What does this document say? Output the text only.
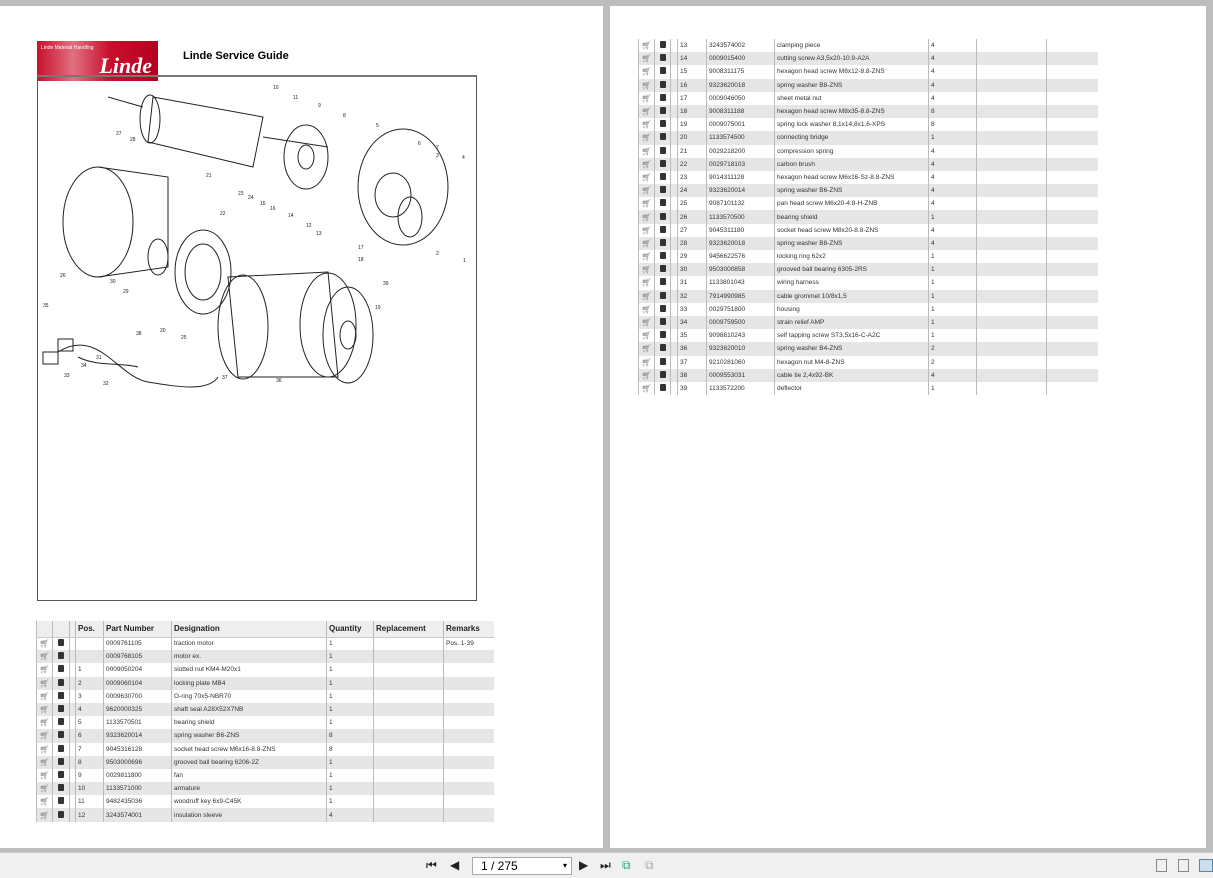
Linde Material Handling
Linde	Linde Service Guide
1
2
3	4
5
6
7
8
9
10
11
12
13
14
15
16
17
18
19
20
21
22
23
24
25
26
27
28
29
30
31
32
33
34
35
36
37
38
39
			Pos.	Part Number	Designation	Quantity	Replacement	Remarks
🛒︎				0009761105	traction motor	1		Pos. 1-39
🛒︎				0009768105	motor ex.	1		
🛒︎			1	0009050204	slotted nut KM4-M20x1	1		
🛒︎			2	0009060104	locking plate MB4	1		
🛒︎			3	0009630700	O-ring 70x5-NBR70	1		
🛒︎			4	9620000325	shaft seal A28X52X7NB	1		
🛒︎			5	1133570501	bearing shield	1		
🛒︎			6	9323620014	spring washer B6-ZNS	8		
🛒︎			7	9045316128	socket head screw M6x16-8.8-ZNS	8		
🛒︎			8	9503000696	grooved ball bearing 6206-2Z	1		
🛒︎			9	0029811800	fan	1		
🛒︎			10	1133571000	armature	1		
🛒︎			11	9482435036	woodruff key 6x9-C45K	1		
🛒︎			12	3243574001	insulation sleeve	4		
🛒︎			13	3243574002	clamping piece	4		
🛒︎			14	0009015400	cutting screw A3,5x20-10.9-A2A	4		
🛒︎			15	9008311175	hexagon head screw M8x12-8.8-ZNS	4		
🛒︎			16	9323620018	spring washer B8-ZNS	4		
🛒︎			17	0009046050	sheet metal nut	4		
🛒︎			18	9008311188	hexagon head screw M8x35-8.8-ZNS	8		
🛒︎			19	0009075001	spring lock washer 8,1x14,8x1,6-XPS	8		
🛒︎			20	1133574500	connecting bridge	1		
🛒︎			21	0029218200	compression spring	4		
🛒︎			22	0029718103	carbon brush	4		
🛒︎			23	9014311128	hexagon head screw M6x16-Sz-8.8-ZNS	4		
🛒︎			24	9323620014	spring washer B6-ZNS	4		
🛒︎			25	9087101132	pan head screw M6x20-4.8-H-ZNB	4		
🛒︎			26	1133570500	bearing shield	1		
🛒︎			27	9045311180	socket head screw M8x20-8.8-ZNS	4		
🛒︎			28	9323620018	spring washer B8-ZNS	4		
🛒︎			29	9456622576	locking ring 62x2	1		
🛒︎			30	9503000858	grooved ball bearing 6305-2RS	1		
🛒︎			31	1133801043	wiring harness	1		
🛒︎			32	7914990985	cable grommet 10/8x1,5	1		
🛒︎			33	0029751800	housing	1		
🛒︎			34	0009759500	strain relief AMP	1		
🛒︎			35	9098610243	self tapping screw ST3,5x16-C-A2C	1		
🛒︎			36	9323620010	spring washer B4-ZNS	2		
🛒︎			37	9210281060	hexagon nut M4-8-ZNS	2		
🛒︎			38	0009553031	cable tie 2,4x92-BK	4		
🛒︎			39	1133572200	deflector	1		
⏮ ◀	1 / 275	▾ ▶ ⏭ ⧉ ⧉
